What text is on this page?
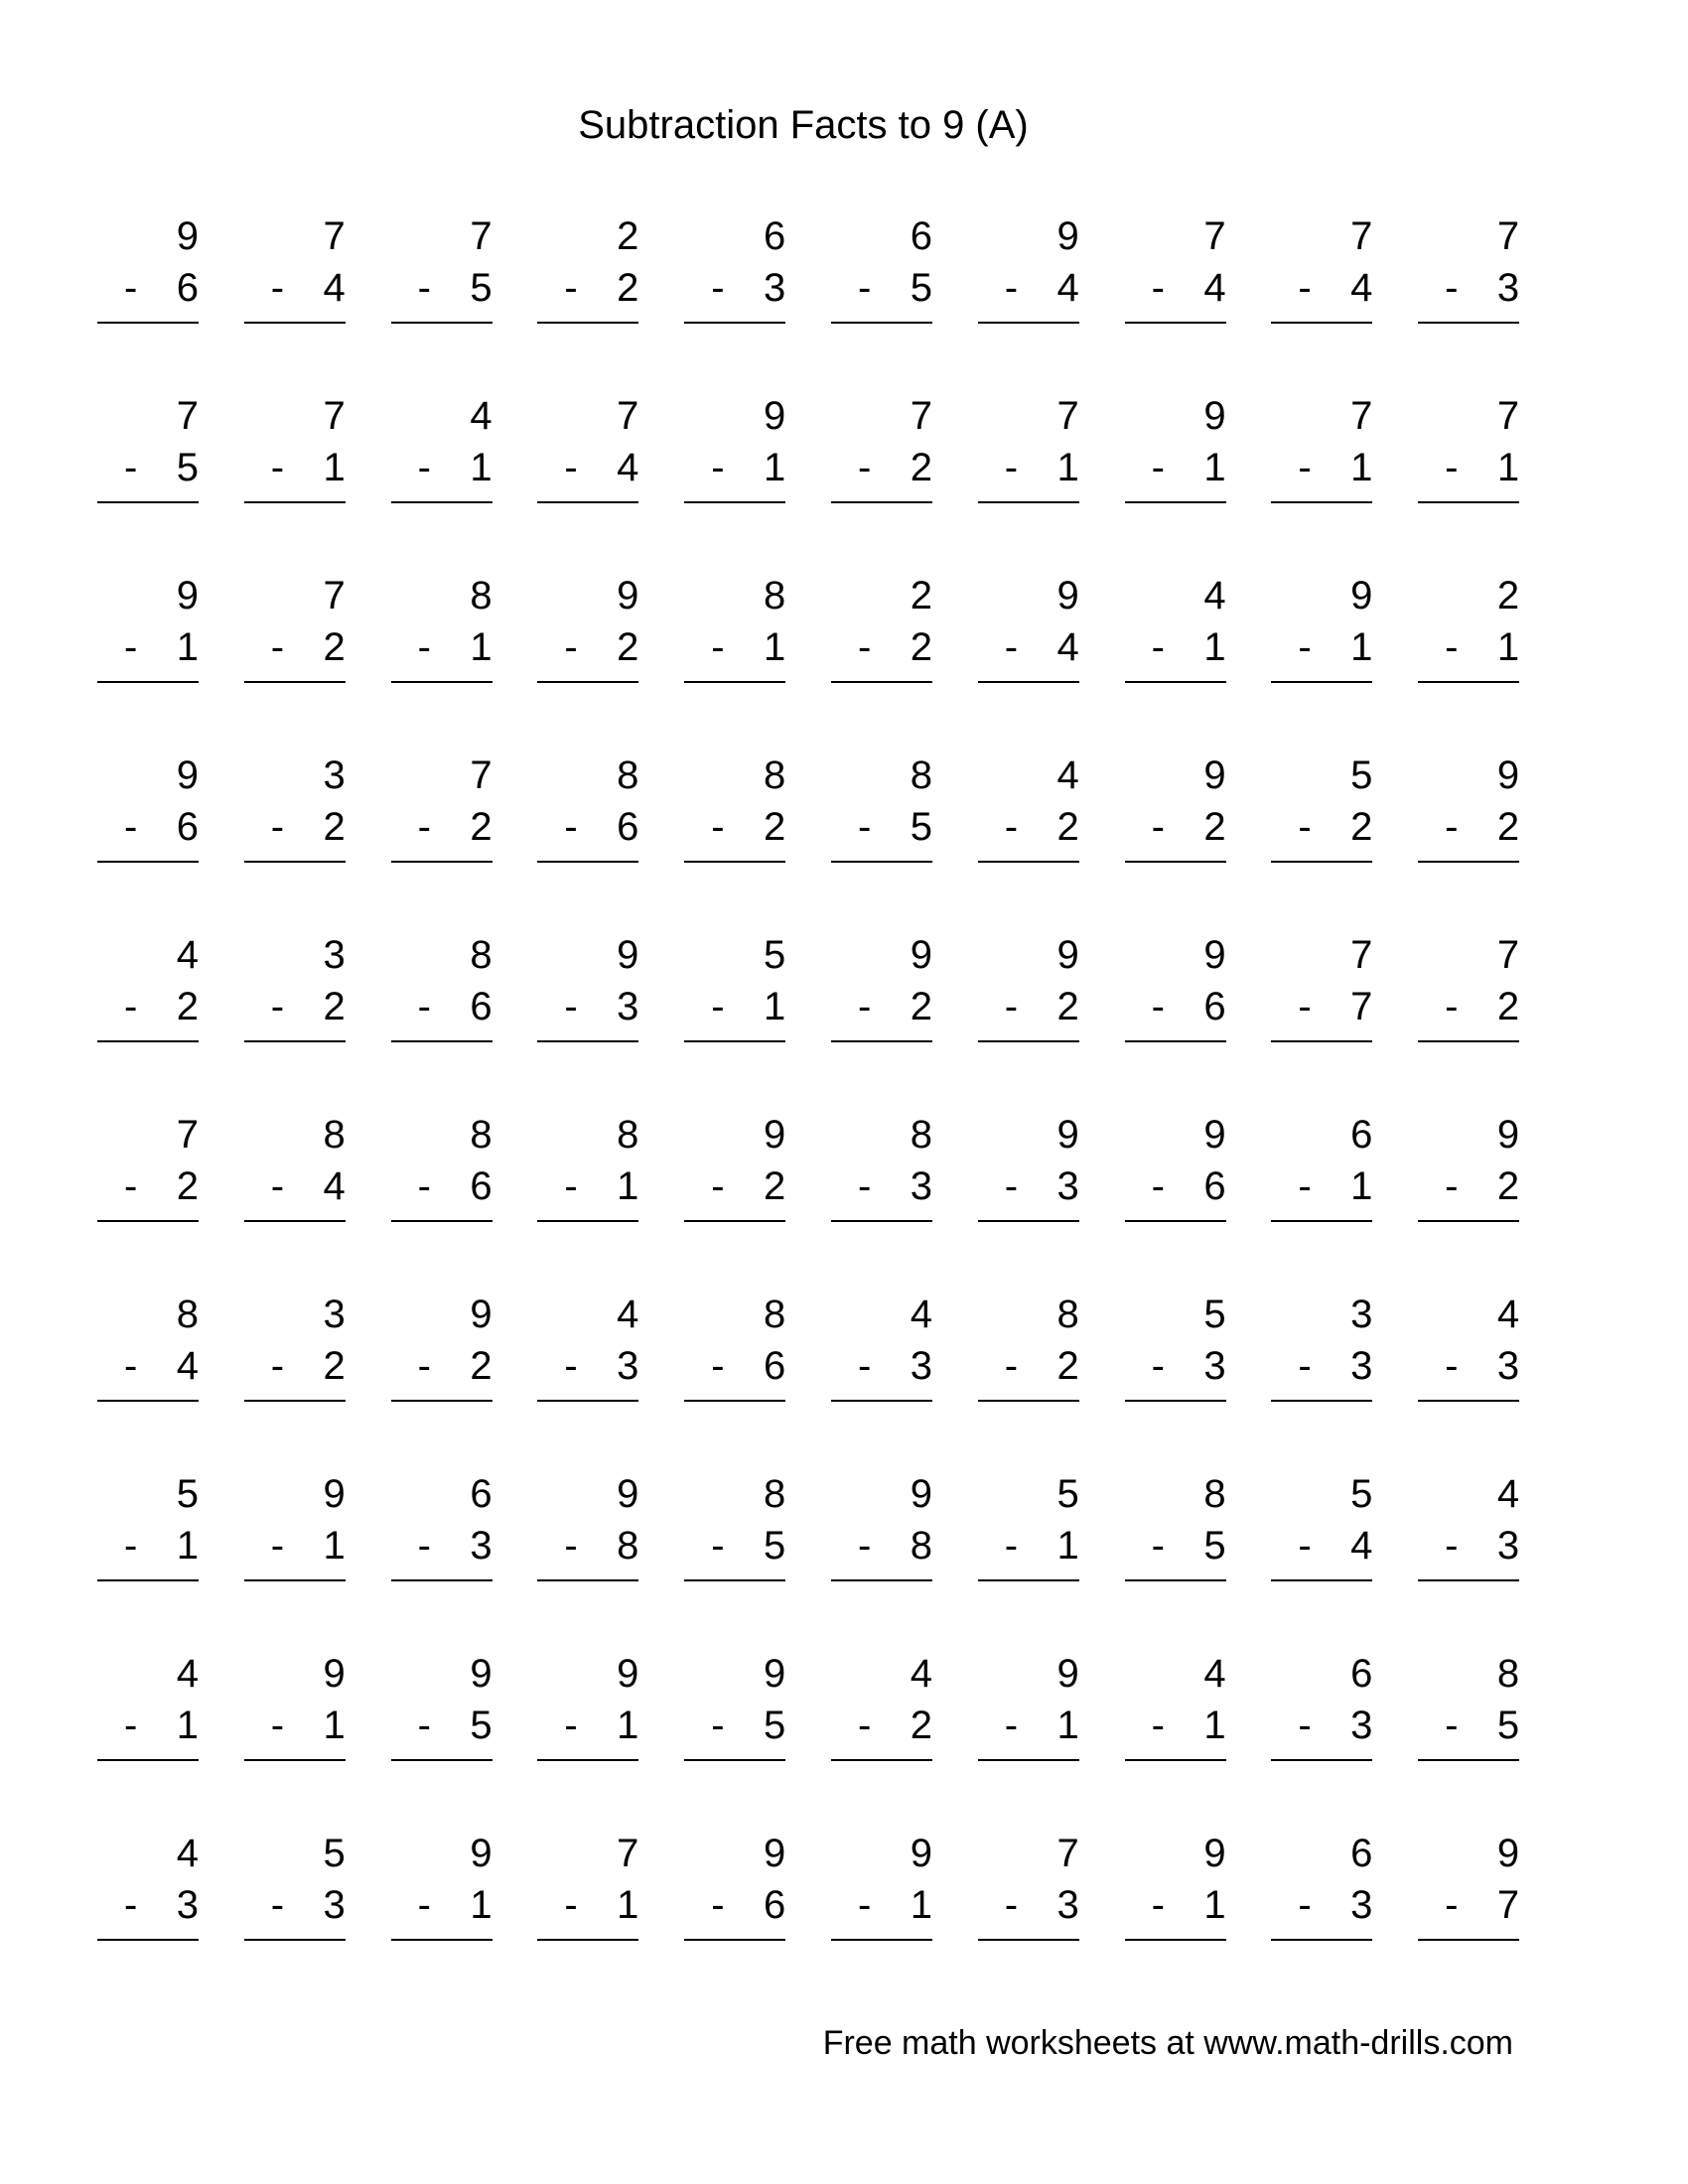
Subtraction Facts to 9 (A)
9
- 6
7
- 4
7
- 5
2
- 2
6
- 3
6
- 5
9
- 4
7
- 4
7
- 4
7
- 3
7
- 5
7
- 1
4
- 1
7
- 4
9
- 1
7
- 2
7
- 1
9
- 1
7
- 1
7
- 1
9
- 1
7
- 2
8
- 1
9
- 2
8
- 1
2
- 2
9
- 4
4
- 1
9
- 1
2
- 1
9
- 6
3
- 2
7
- 2
8
- 6
8
- 2
8
- 5
4
- 2
9
- 2
5
- 2
9
- 2
4
- 2
3
- 2
8
- 6
9
- 3
5
- 1
9
- 2
9
- 2
9
- 6
7
- 7
7
- 2
7
- 2
8
- 4
8
- 6
8
- 1
9
- 2
8
- 3
9
- 3
9
- 6
6
- 1
9
- 2
8
- 4
3
- 2
9
- 2
4
- 3
8
- 6
4
- 3
8
- 2
5
- 3
3
- 3
4
- 3
5
- 1
9
- 1
6
- 3
9
- 8
8
- 5
9
- 8
5
- 1
8
- 5
5
- 4
4
- 3
4
- 1
9
- 1
9
- 5
9
- 1
9
- 5
4
- 2
9
- 1
4
- 1
6
- 3
8
- 5
4
- 3
5
- 3
9
- 1
7
- 1
9
- 6
9
- 1
7
- 3
9
- 1
6
- 3
9
- 7
Free math worksheets at www.math-drills.com
